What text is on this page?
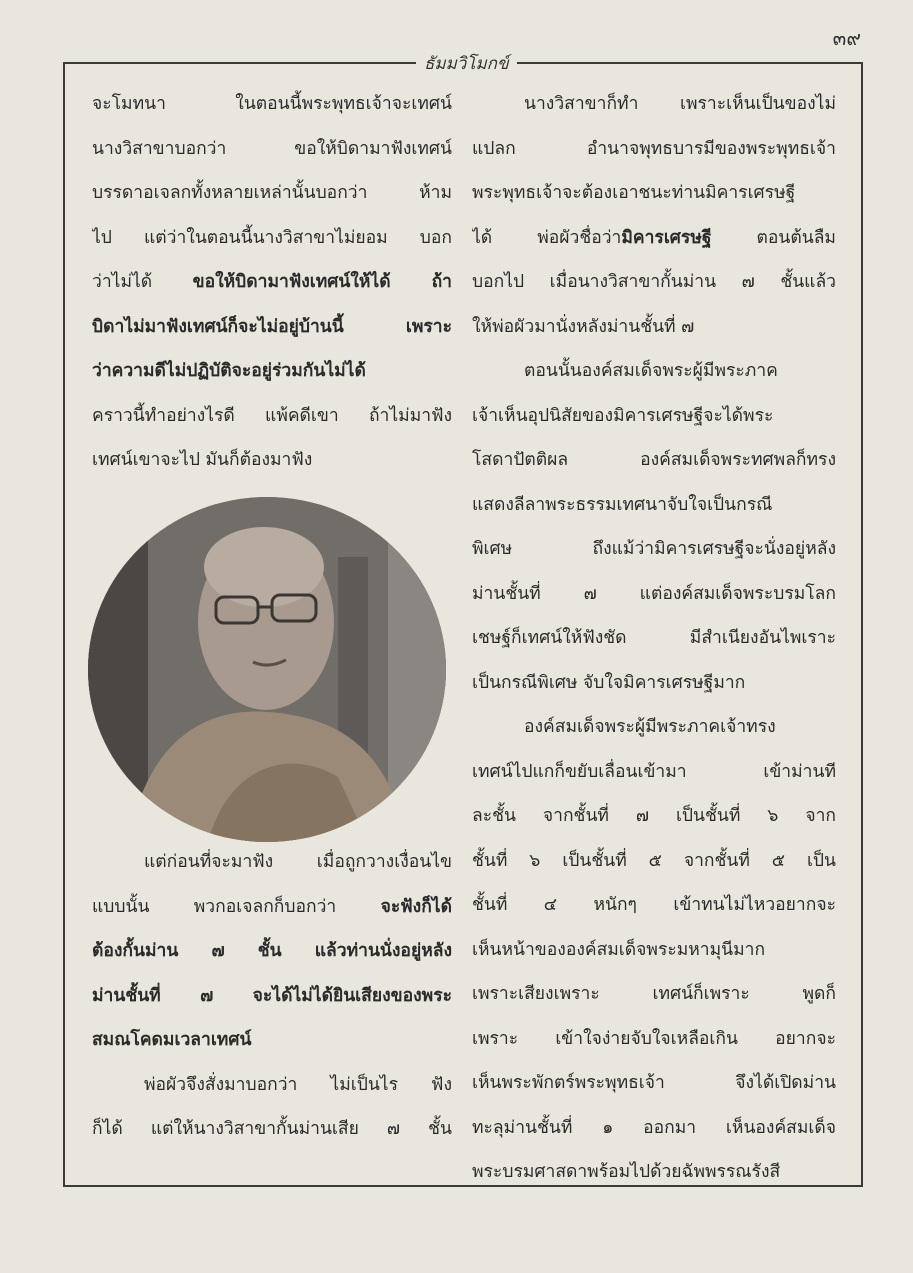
๓๙
ธัมมวิโมกข์
จะโมทนา ในตอนนี้พระพุทธเจ้าจะเทศน์
นางวิสาขาบอกว่า ขอให้บิดามาฟังเทศน์
บรรดาอเจลกทั้งหลายเหล่านั้นบอกว่า ห้าม
ไป แต่ว่าในตอนนี้นางวิสาขาไม่ยอม บอก
ว่าไม่ได้ ขอให้บิดามาฟังเทศน์ให้ได้ ถ้า
บิดาไม่มาฟังเทศน์ก็จะไม่อยู่บ้านนี้ เพราะ
ว่าความดีไม่ปฏิบัติจะอยู่ร่วมกันไม่ได้
คราวนี้ทำอย่างไรดี แพ้คดีเขา ถ้าไม่มาฟัง
เทศน์เขาจะไป มันก็ต้องมาฟัง
แต่ก่อนที่จะมาฟัง เมื่อถูกวางเงื่อนไข
แบบนั้น พวกอเจลกก็บอกว่า	จะฟังก็ได้
ต้องกั้นม่าน ๗ ชั้น แล้วท่านนั่งอยู่หลัง
ม่านชั้นที่ ๗ จะได้ไม่ได้ยินเสียงของพระ
สมณโคดมเวลาเทศน์
พ่อผัวจึงสั่งมาบอกว่า ไม่เป็นไร ฟัง
ก็ได้ แต่ให้นางวิสาขากั้นม่านเสีย ๗ ชั้น
นางวิสาขาก็ทำ เพราะเห็นเป็นของไม่
แปลก อำนาจพุทธบารมีของพระพุทธเจ้า
พระพุทธเจ้าจะต้องเอาชนะท่านมิคารเศรษฐี
ได้ พ่อผัวชื่อว่ามิคารเศรษฐี	ตอนต้นลืม
บอกไป เมื่อนางวิสาขากั้นม่าน ๗ ชั้นแล้ว
ให้พ่อผัวมานั่งหลังม่านชั้นที่ ๗
ตอนนั้นองค์สมเด็จพระผู้มีพระภาค
เจ้าเห็นอุปนิสัยของมิคารเศรษฐีจะได้พระ
โสดาปัตติผล องค์สมเด็จพระทศพลก็ทรง
แสดงลีลาพระธรรมเทศนาจับใจเป็นกรณี
พิเศษ ถึงแม้ว่ามิคารเศรษฐีจะนั่งอยู่หลัง
ม่านชั้นที่ ๗ แต่องค์สมเด็จพระบรมโลก
เชษฐ์ก็เทศน์ให้ฟังชัด มีสำเนียงอันไพเราะ
เป็นกรณีพิเศษ จับใจมิคารเศรษฐีมาก
องค์สมเด็จพระผู้มีพระภาคเจ้าทรง
เทศน์ไปแกก็ขยับเลื่อนเข้ามา เข้าม่านที
ละชั้น จากชั้นที่ ๗ เป็นชั้นที่ ๖ จาก
ชั้นที่ ๖ เป็นชั้นที่ ๕ จากชั้นที่ ๕ เป็น
ชั้นที่ ๔ หนักๆ เข้าทนไม่ไหวอยากจะ
เห็นหน้าขององค์สมเด็จพระมหามุนีมาก
เพราะเสียงเพราะ เทศน์ก็เพราะ พูดก็
เพราะ เข้าใจง่ายจับใจเหลือเกิน อยากจะ
เห็นพระพักตร์พระพุทธเจ้า จึงได้เปิดม่าน
ทะลุม่านชั้นที่ ๑ ออกมา เห็นองค์สมเด็จ
พระบรมศาสดาพร้อมไปด้วยฉัพพรรณรังสี
